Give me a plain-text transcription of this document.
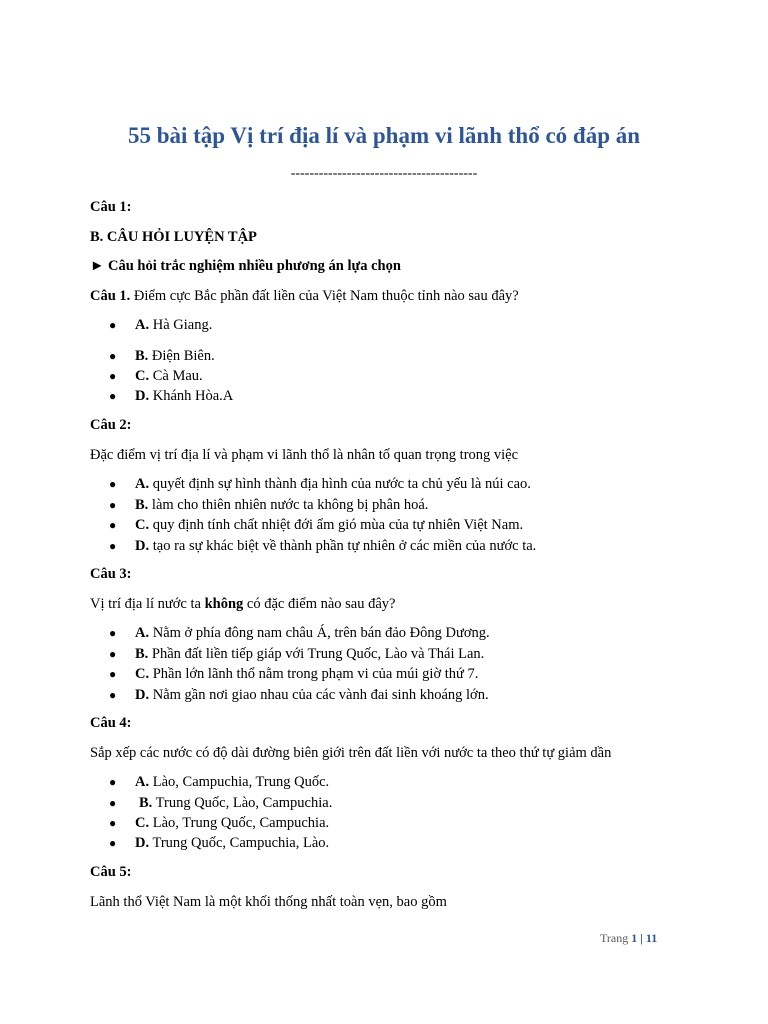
55 bài tập Vị trí địa lí và phạm vi lãnh thổ có đáp án
----------------------------------------
Câu 1:
B. CÂU HỎI LUYỆN TẬP
► Câu hỏi trắc nghiệm nhiều phương án lựa chọn
Câu 1. Điểm cực Bắc phần đất liền của Việt Nam thuộc tỉnh nào sau đây?
● A. Hà Giang.
● B. Điện Biên.
● C. Cà Mau.
● D. Khánh Hòa.A
Câu 2:
Đặc điểm vị trí địa lí và phạm vi lãnh thổ là nhân tố quan trọng trong việc
● A. quyết định sự hình thành địa hình của nước ta chủ yếu là núi cao.
● B. làm cho thiên nhiên nước ta không bị phân hoá.
● C. quy định tính chất nhiệt đới ẩm gió mùa của tự nhiên Việt Nam.
● D. tạo ra sự khác biệt về thành phần tự nhiên ở các miền của nước ta.
Câu 3:
Vị trí địa lí nước ta không có đặc điểm nào sau đây?
● A. Nằm ở phía đông nam châu Á, trên bán đảo Đông Dương.
● B. Phần đất liền tiếp giáp với Trung Quốc, Lào và Thái Lan.
● C. Phần lớn lãnh thổ nằm trong phạm vi của múi giờ thứ 7.
● D. Nằm gần nơi giao nhau của các vành đai sinh khoáng lớn.
Câu 4:
Sắp xếp các nước có độ dài đường biên giới trên đất liền với nước ta theo thứ tự giảm dần
● A. Lào, Campuchia, Trung Quốc.
● B. Trung Quốc, Lào, Campuchia.
● C. Lào, Trung Quốc, Campuchia.
● D. Trung Quốc, Campuchia, Lào.
Câu 5:
Lãnh thổ Việt Nam là một khối thống nhất toàn vẹn, bao gồm
Trang 1 | 11
